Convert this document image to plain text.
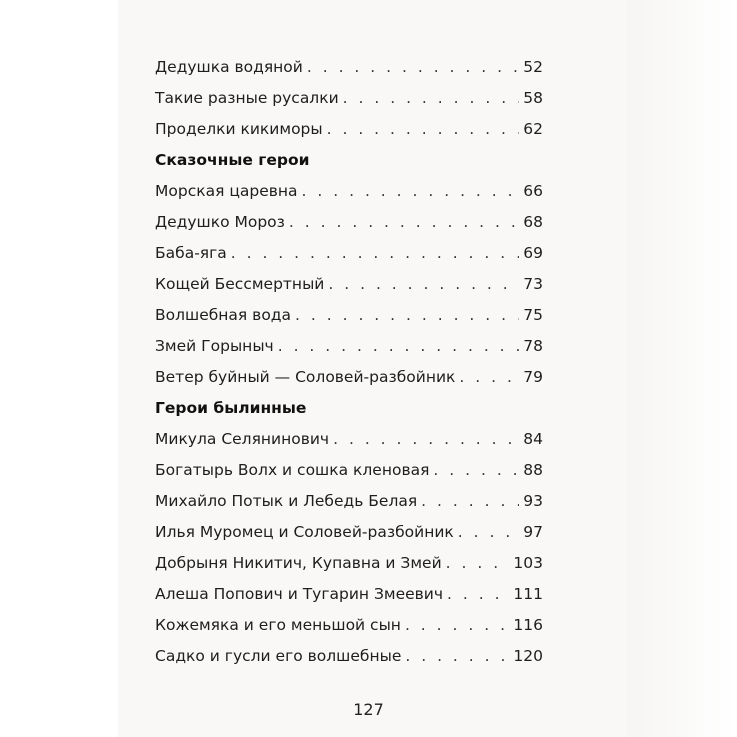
Дедушка водяной . . .	52
Такие разные русалки . . .	58
Проделки кикиморы . . .	62
Сказочные герои
Морская царевна . . .	66
Дедушко Мороз . . .	68
Баба-яга . . .	69
Кощей Бессмертный . . .	73
Волшебная вода . . .	75
Змей Горыныч . . .	78
Ветер буйный — Соловей-разбойник . . .	79
Герои былинные
Микула Селянинович . . .	84
Богатырь Волх и сошка кленовая . . .	88
Михайло Потык и Лебедь Белая . . .	93
Илья Муромец и Соловей-разбойник . . .	97
Добрыня Никитич, Купавна и Змей . . .	103
Алеша Попович и Тугарин Змеевич . . .	111
Кожемяка и его меньшой сын . . .	116
Садко и гусли его волшебные . . .	120
127
